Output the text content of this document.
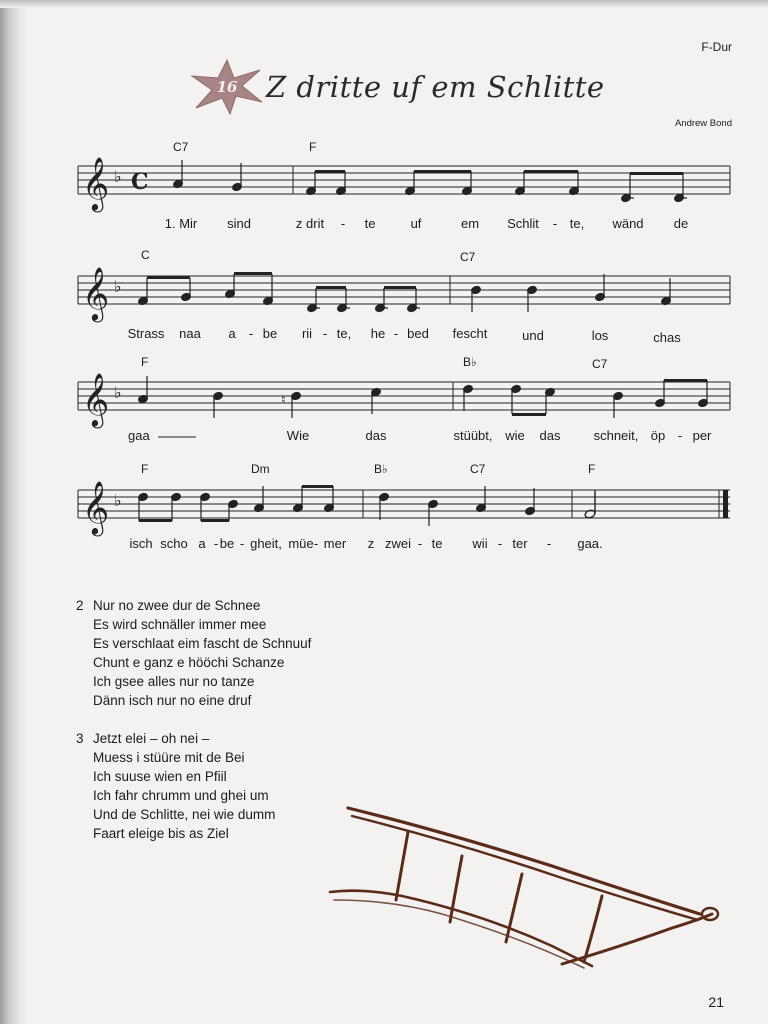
F-Dur
16 Z dritte uf em Schlitte
Andrew Bond
C7	F
𝄞 ♭ C
1. Mir sind	z drit - te	uf	em Schlit - te, wänd de
C	C7
𝄞 ♭
Strass naa a - be rii - te, he - bed fescht	und	los	chas
F	B♭	C7
𝄞 ♭	♮
gaa	Wie	das	stüübt, wie das	schneit, öp - per
F	Dm	B♭	C7	F
𝄞 ♭
isch scho a - be - gheit, müe - mer z zwei - te wii - ter - gaa.
2 Nur no zwee dur de Schnee
Es wird schnäller immer mee
Es verschlaat eim fascht de Schnuuf
Chunt e ganz e hööchi Schanze
Ich gsee alles nur no tanze
Dänn isch nur no eine druf
3 Jetzt elei – oh nei –
Muess i stüüre mit de Bei
Ich suuse wien en Pfiil
Ich fahr chrumm und ghei um
Und de Schlitte, nei wie dumm
Faart eleige bis as Ziel
21
